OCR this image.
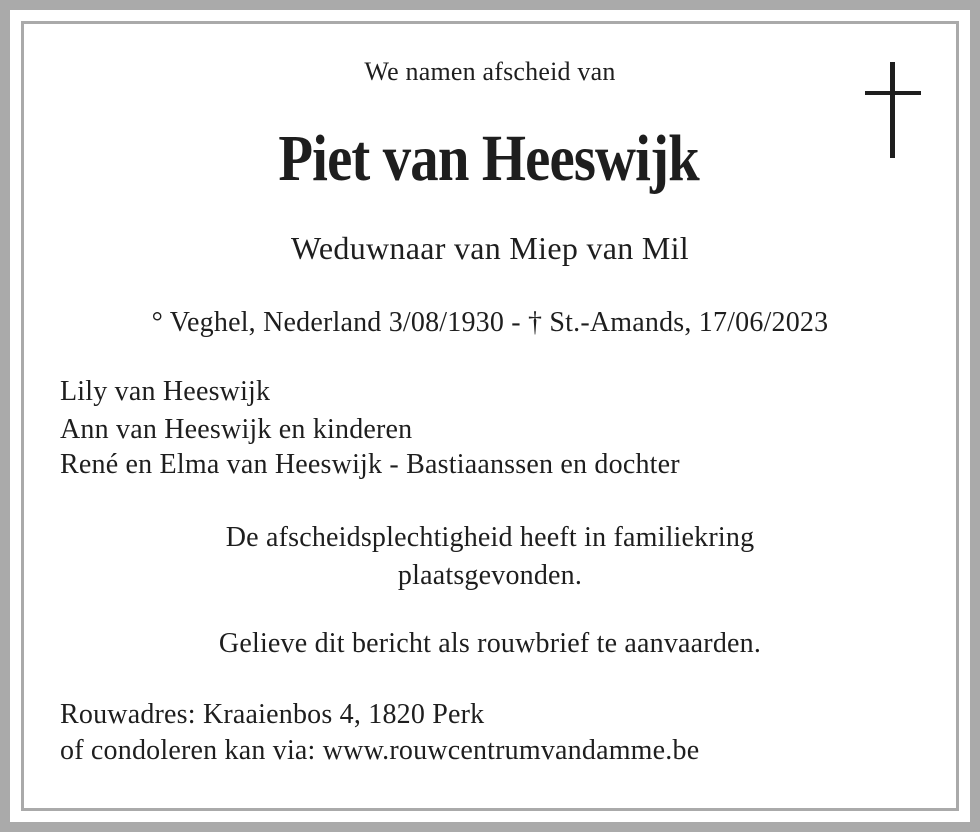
We namen afscheid van
Piet van Heeswijk
Weduwnaar van Miep van Mil
° Veghel, Nederland 3/08/1930 - † St.-Amands, 17/06/2023
Lily van Heeswijk
Ann van Heeswijk en kinderen
René en Elma van Heeswijk - Bastiaanssen en dochter
De afscheidsplechtigheid heeft in familiekring
plaatsgevonden.
Gelieve dit bericht als rouwbrief te aanvaarden.
Rouwadres: Kraaienbos 4, 1820 Perk
of condoleren kan via: www.rouwcentrumvandamme.be
